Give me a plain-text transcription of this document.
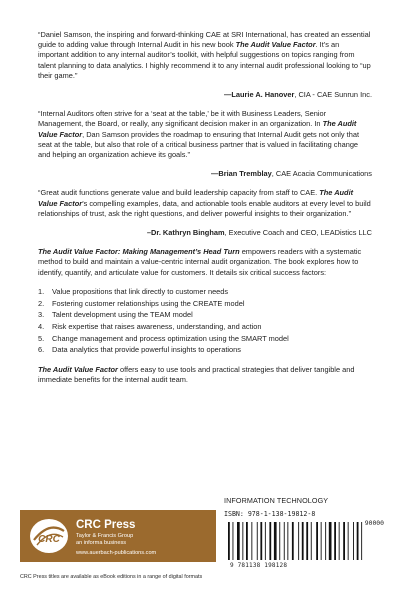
“Daniel Samson, the inspiring and forward-thinking CAE at SRI International, has created an essential guide to adding value through Internal Audit in his new book The Audit Value Factor. It’s an important addition to any internal auditor’s toolkit, with helpful suggestions on topics ranging from talent planning to data analytics. I highly recommend it to any internal audit professional looking to “up their game.”

—Laurie A. Hanover, CIA - CAE Sunrun Inc.

“Internal Auditors often strive for a ‘seat at the table,’ be it with Business Leaders, Senior Management, the Board, or really, any significant decision maker in an organization. In The Audit Value Factor, Dan Samson provides the roadmap to ensuring that Internal Audit gets not only that seat at the table, but also that role of a critical business partner that is valued in facilitating change and helping an organization achieve its goals.”

—Brian Tremblay, CAE Acacia Communications

“Great audit functions generate value and build leadership capacity from staff to CAE. The Audit Value Factor’s compelling examples, data, and actionable tools enable auditors at every level to build relationships of trust, ask the right questions, and deliver powerful insights to their organization.”

–Dr. Kathryn Bingham, Executive Coach and CEO, LEADistics LLC

The Audit Value Factor: Making Management’s Head Turn empowers readers with a systematic method to build and maintain a value-centric internal audit organization. The book explores how to identify, quantify, and articulate value for customers. It details six critical success factors:

1.	Value propositions that link directly to customer needs
2.	Fostering customer relationships using the CREATE model
3.	Talent development using the TEAM model
4.	Risk expertise that raises awareness, understanding, and action
5.	Change management and process optimization using the SMART model
6.	Data analytics that provide powerful insights to operations

The Audit Value Factor offers easy to use tools and practical strategies that deliver tangible and immediate benefits for the internal audit team.

INFORMATION TECHNOLOGY
CRC
CRC Press
Taylor & Francis Group
an informa business
www.auerbach-publications.com
ISBN: 978-1-138-19812-8
90000
9 781138 198128
CRC Press titles are available as eBook editions in a range of digital formats
